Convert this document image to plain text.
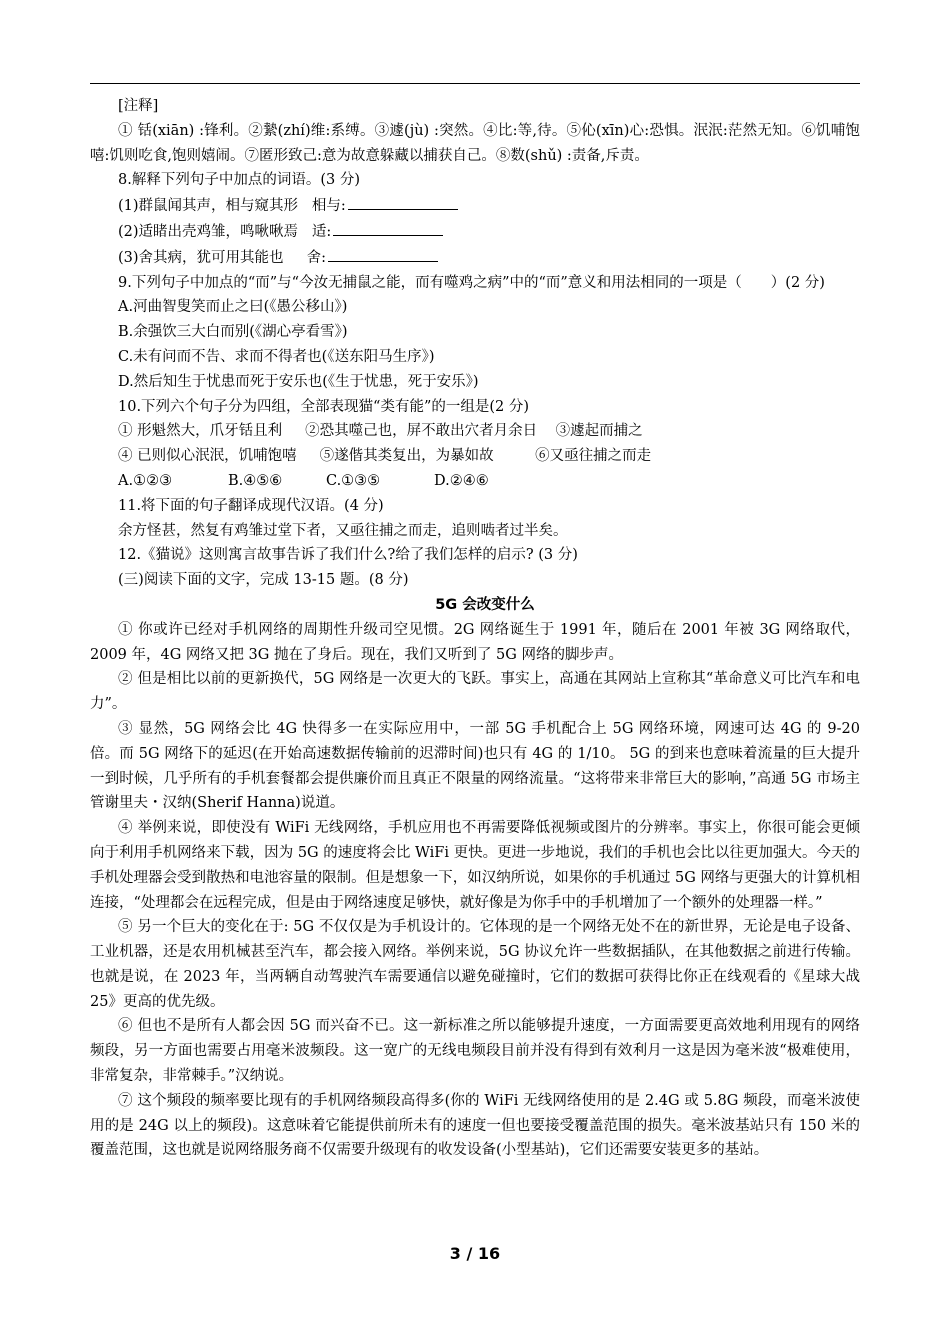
[注释]

① 铦(xiān) :锋利。②縶(zhí)维:系缚。③遽(jù) :突然。④比:等,待。⑤伈(xīn)心:恐惧。泯泯:茫然无知。⑥饥哺饱嘻:饥则吃食,饱则嬉闹。⑦匿形致己:意为故意躲藏以捕获自己。⑧数(shǔ) :责备,斥责。

8.解释下列句子中加点的词语。(3 分)

(1)群鼠闻其声，相与窥其形 相与:

(2)适睹出壳鸡雏，鸣啾啾焉 适:

(3)舍其病，犹可用其能也 舍:

9.下列句子中加点的“而”与“今汝无捕鼠之能，而有噬鸡之病”中的“而”意义和用法相同的一项是（　　）(2 分)

A.河曲智叟笑而止之曰(《愚公移山》)

B.余强饮三大白而别(《湖心亭看雪》)

C.未有问而不告、求而不得者也(《送东阳马生序》)

D.然后知生于忧患而死于安乐也(《生于忧患，死于安乐》)

10.下列六个句子分为四组，全部表现猫“类有能”的一组是(2 分)

① 形魁然大，爪牙铦且利 ②恐其噬己也，屏不敢出穴者月余日 ③遽起而捕之

④ 已则似心泯泯，饥哺饱嘻 ⑤遂偕其类复出，为暴如故	⑥又亟往捕之而走

A.①②③	B.④⑤⑥	C.①③⑤	D.②④⑥

11.将下面的句子翻译成现代汉语。(4 分)

余方怪甚，然复有鸡雏过堂下者，又亟往捕之而走，追则啮者过半矣。

12.《猫说》这则寓言故事告诉了我们什么?给了我们怎样的启示? (3 分)

(三)阅读下面的文字，完成 13-15 题。(8 分)

5G 会改变什么

① 你或许已经对手机网络的周期性升级司空见惯。2G 网络诞生于 1991 年，随后在 2001 年被 3G 网络取代，2009 年，4G 网络又把 3G 抛在了身后。现在，我们又听到了 5G 网络的脚步声。

② 但是相比以前的更新换代，5G 网络是一次更大的飞跃。事实上，高通在其网站上宣称其“革命意义可比汽车和电力”。

③ 显然，5G 网络会比 4G 快得多一在实际应用中，一部 5G 手机配合上 5G 网络环境，网速可达 4G 的 9-20 倍。而 5G 网络下的延迟(在开始高速数据传输前的迟滞时间)也只有 4G 的 1/10。 5G 的到来也意味着流量的巨大提升一到时候，几乎所有的手机套餐都会提供廉价而且真正不限量的网络流量。“这将带来非常巨大的影响，”高通 5G 市场主管谢里夫・汉纳(Sherif Hanna)说道。

④ 举例来说，即使没有 WiFi 无线网络，手机应用也不再需要降低视频或图片的分辨率。事实上，你很可能会更倾向于利用手机网络来下载，因为 5G 的速度将会比 WiFi 更快。更进一步地说，我们的手机也会比以往更加强大。今天的手机处理器会受到散热和电池容量的限制。但是想象一下，如汉纳所说，如果你的手机通过 5G 网络与更强大的计算机相连接，“处理都会在远程完成，但是由于网络速度足够快，就好像是为你手中的手机增加了一个额外的处理器一样。”

⑤ 另一个巨大的变化在于: 5G 不仅仅是为手机设计的。它体现的是一个网络无处不在的新世界，无论是电子设备、工业机器，还是农用机械甚至汽车，都会接入网络。举例来说，5G 协议允许一些数据插队，在其他数据之前进行传输。也就是说，在 2023 年，当两辆自动驾驶汽车需要通信以避免碰撞时，它们的数据可获得比你正在线观看的《星球大战 25》更高的优先级。

⑥ 但也不是所有人都会因 5G 而兴奋不已。这一新标准之所以能够提升速度，一方面需要更高效地利用现有的网络频段，另一方面也需要占用毫米波频段。这一宽广的无线电频段目前并没有得到有效利月一这是因为毫米波“极难使用， 非常复杂，非常棘手。”汉纳说。

⑦ 这个频段的频率要比现有的手机网络频段高得多(你的 WiFi 无线网络使用的是 2.4G 或 5.8G 频段，而毫米波使用的是 24G 以上的频段)。这意味着它能提供前所未有的速度一但也要接受覆盖范围的损失。毫米波基站只有 150 米的覆盖范围，这也就是说网络服务商不仅需要升级现有的收发设备(小型基站)，它们还需要安装更多的基站。

3 / 16
